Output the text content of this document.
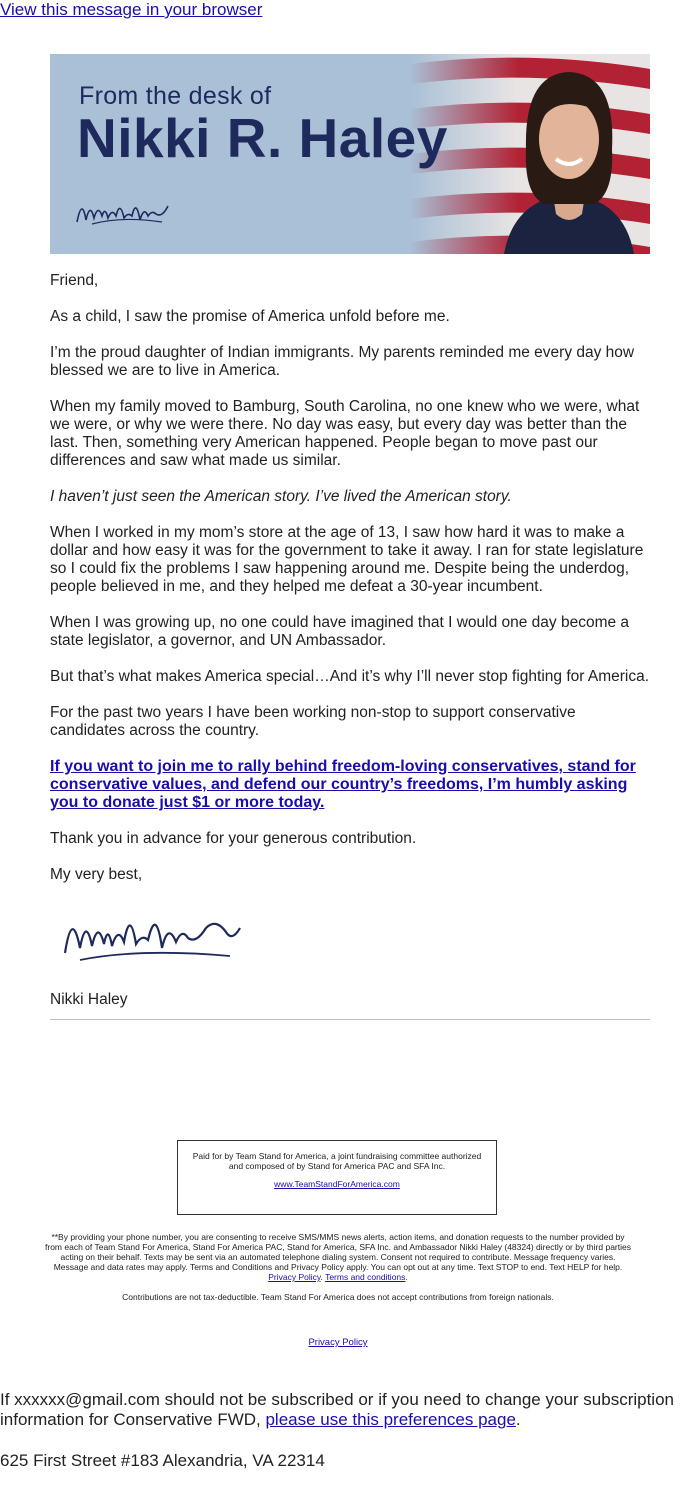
View this message in your browser
From the desk of
Nikki R. Haley

Friend,

As a child, I saw the promise of America unfold before me.

I’m the proud daughter of Indian immigrants. My parents reminded me every day how blessed we are to live in America.

When my family moved to Bamburg, South Carolina, no one knew who we were, what we were, or why we were there. No day was easy, but every day was better than the last. Then, something very American happened. People began to move past our differences and saw what made us similar.

I haven’t just seen the American story. I’ve lived the American story.

When I worked in my mom’s store at the age of 13, I saw how hard it was to make a dollar and how easy it was for the government to take it away. I ran for state legislature so I could fix the problems I saw happening around me. Despite being the underdog, people believed in me, and they helped me defeat a 30-year incumbent.

When I was growing up, no one could have imagined that I would one day become a state legislator, a governor, and UN Ambassador.

But that’s what makes America special…And it’s why I’ll never stop fighting for America.

For the past two years I have been working non-stop to support conservative candidates across the country.

If you want to join me to rally behind freedom-loving conservatives, stand for conservative values, and defend our country’s freedoms, I’m humbly asking you to donate just $1 or more today.

Thank you in advance for your generous contribution.

My very best,

Nikki Haley
Paid for by Team Stand for America, a joint fundraising committee authorized and composed of by Stand for America PAC and SFA Inc.
www.TeamStandForAmerica.com
**By providing your phone number, you are consenting to receive SMS/MMS news alerts, action items, and donation requests to the number provided by from each of Team Stand For America, Stand For America PAC, Stand for America, SFA Inc. and Ambassador Nikki Haley (48324) directly or by third parties acting on their behalf. Texts may be sent via an automated telephone dialing system. Consent not required to contribute. Message frequency varies. Message and data rates may apply. Terms and Conditions and Privacy Policy apply. You can opt out at any time. Text STOP to end. Text HELP for help. Privacy Policy. Terms and conditions.
Contributions are not tax-deductible. Team Stand For America does not accept contributions from foreign nationals.
Privacy Policy
If xxxxxx@gmail.com should not be subscribed or if you need to change your subscription information for Conservative FWD, please use this preferences page.
625 First Street #183 Alexandria, VA 22314
